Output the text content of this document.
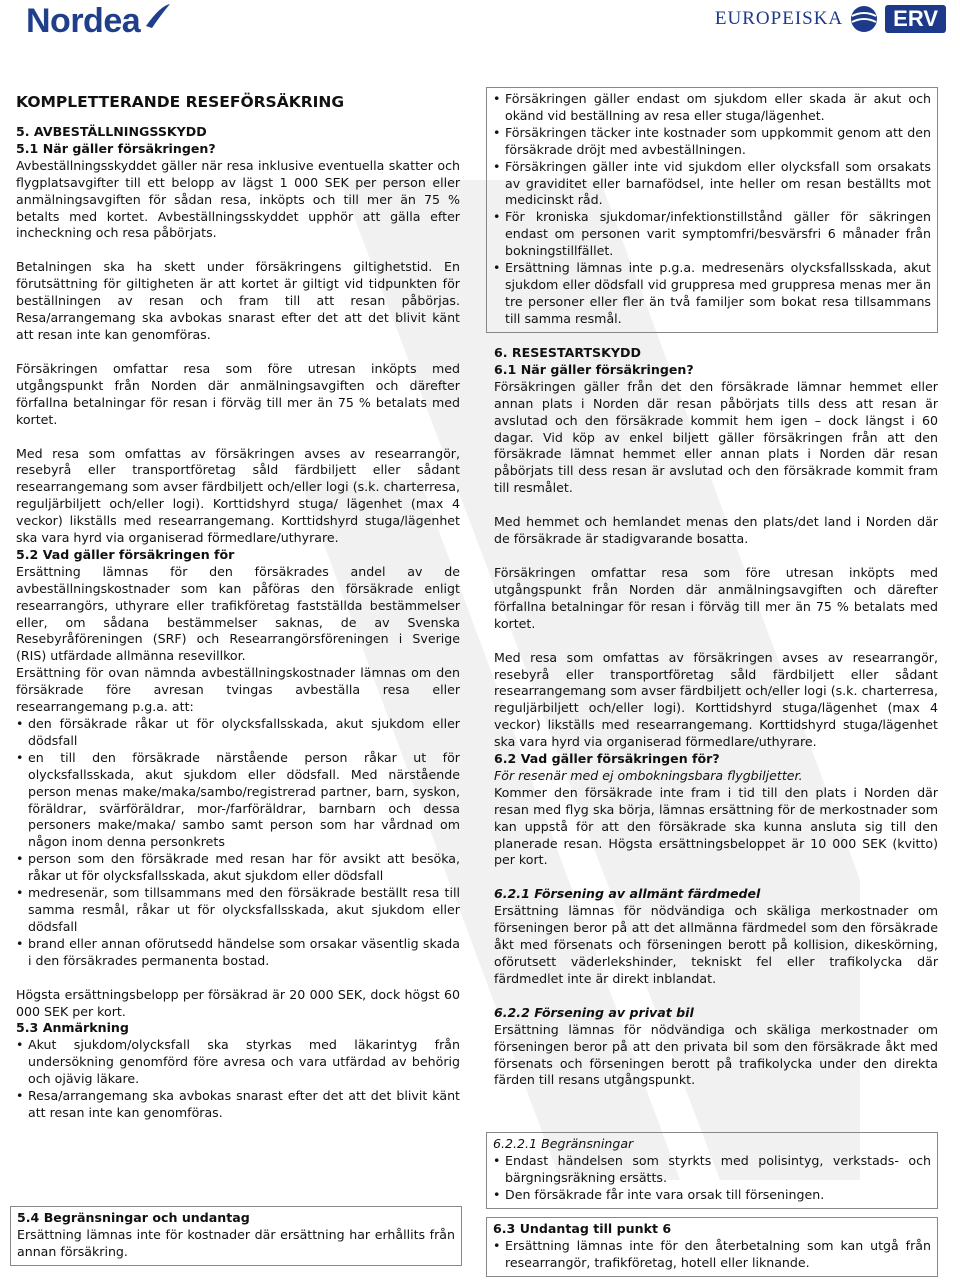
Nordea	EUROPEISKA	ERV
KOMPLETTERANDE RESEFÖRSÄKRING

5. AVBESTÄLLNINGSSKYDD

5.1 När gäller försäkringen?

Avbeställningsskyddet gäller när resa inklusive eventuella skatter och flygplatsavgifter till ett belopp av lägst 1 000 SEK per person eller anmälningsavgiften för sådan resa, inköpts och till mer än 75 % betalts med kortet. Avbeställningsskyddet upphör att gälla efter incheckning och resa påbörjats.

Betalningen ska ha skett under försäkringens giltighetstid. En förutsättning för giltigheten är att kortet är giltigt vid tidpunkten för beställningen av resan och fram till att resan påbörjas. Resa/arrangemang ska avbokas snarast efter det att det blivit känt att resan inte kan genomföras.

Försäkringen omfattar resa som före utresan inköpts med utgångspunkt från Norden där anmälningsavgiften och därefter förfallna betalningar för resan i förväg till mer än 75 % betalats med kortet.

Med resa som omfattas av försäkringen avses av researrangör, resebyrå eller transportföretag såld färdbiljett eller sådant researrangemang som avser färdbiljett och/eller logi (s.k. charterresa, reguljärbiljett och/eller logi). Korttidshyrd stuga/ lägenhet (max 4 veckor) likställs med researrangemang. Korttidshyrd stuga/lägenhet ska vara hyrd via organiserad förmedlare/uthyrare.

5.2 Vad gäller försäkringen för

Ersättning lämnas för den försäkrades andel av de avbeställningskostnader som kan påföras den försäkrade enligt researrangörs, uthyrare eller trafikföretag fastställda bestämmelser eller, om sådana bestämmelser saknas, de av Svenska Resebyråföreningen (SRF) och Researrangörsföreningen i Sverige (RIS) utfärdade allmänna resevillkor.

Ersättning för ovan nämnda avbeställningskostnader lämnas om den försäkrade före avresan tvingas avbeställa resa eller researrangemang p.g.a. att:

• den försäkrade råkar ut för olycksfallsskada, akut sjukdom eller dödsfall
• en till den försäkrade närstående person råkar ut för olycksfallsskada, akut sjukdom eller dödsfall. Med närstående person menas make/maka/sambo/registrerad partner, barn, syskon, föräldrar, svärföräldrar, mor-/farföräldrar, barnbarn och dessa personers make/maka/ sambo samt person som har vårdnad om någon inom denna personkrets
• person som den försäkrade med resan har för avsikt att besöka, råkar ut för olycksfallsskada, akut sjukdom eller dödsfall
• medresenär, som tillsammans med den försäkrade beställt resa till samma resmål, råkar ut för olycksfallsskada, akut sjukdom eller dödsfall
• brand eller annan oförutsedd händelse som orsakar väsentlig skada i den försäkrades permanenta bostad.

Högsta ersättningsbelopp per försäkrad är 20 000 SEK, dock högst 60 000 SEK per kort.

5.3 Anmärkning

• Akut sjukdom/olycksfall ska styrkas med läkarintyg från undersökning genomförd före avresa och vara utfärdad av behörig och ojävig läkare.
• Resa/arrangemang ska avbokas snarast efter det att det blivit känt att resan inte kan genomföras.

5.4 Begränsningar och undantag

Ersättning lämnas inte för kostnader där ersättning har erhållits från annan försäkring.

• Försäkringen gäller endast om sjukdom eller skada är akut och okänd vid beställning av resa eller stuga/lägenhet.
• Försäkringen täcker inte kostnader som uppkommit genom att den försäkrade dröjt med avbeställningen.
• Försäkringen gäller inte vid sjukdom eller olycksfall som orsakats av graviditet eller barnafödsel, inte heller om resan beställts mot medicinskt råd.
• För kroniska sjukdomar/infektionstillstånd gäller för säkringen endast om personen varit symptomfri/besvärsfri 6 månader från bokningstillfället.
• Ersättning lämnas inte p.g.a. medresenärs olycksfallsskada, akut sjukdom eller dödsfall vid gruppresa med gruppresa menas mer än tre personer eller fler än två familjer som bokat resa tillsammans till samma resmål.

6. RESESTARTSKYDD

6.1 När gäller försäkringen?

Försäkringen gäller från det den försäkrade lämnar hemmet eller annan plats i Norden där resan påbörjats tills dess att resan är avslutad och den försäkrade kommit hem igen – dock längst i 60 dagar. Vid köp av enkel biljett gäller försäkringen från att den försäkrade lämnat hemmet eller annan plats i Norden där resan påbörjats till dess resan är avslutad och den försäkrade kommit fram till resmålet.

Med hemmet och hemlandet menas den plats/det land i Norden där de försäkrade är stadigvarande bosatta.

Försäkringen omfattar resa som före utresan inköpts med utgångspunkt från Norden där anmälningsavgiften och därefter förfallna betalningar för resan i förväg till mer än 75 % betalats med kortet.

Med resa som omfattas av försäkringen avses av researrangör, resebyrå eller transportföretag såld färdbiljett eller sådant researrangemang som avser färdbiljett och/eller logi (s.k. charterresa, reguljärbiljett och/eller logi). Korttidshyrd stuga/lägenhet (max 4 veckor) likställs med researrangemang. Korttidshyrd stuga/lägenhet ska vara hyrd via organiserad förmedlare/uthyrare.

6.2 Vad gäller försäkringen för?

För resenär med ej ombokningsbara flygbiljetter.

Kommer den försäkrade inte fram i tid till den plats i Norden där resan med flyg ska börja, lämnas ersättning för de merkostnader som kan uppstå för att den försäkrade ska kunna ansluta sig till den planerade resan. Högsta ersättningsbeloppet är 10 000 SEK (kvitto) per kort.

6.2.1 Försening av allmänt färdmedel

Ersättning lämnas för nödvändiga och skäliga merkostnader om förseningen beror på att det allmänna färdmedel som den försäkrade åkt med försenats och förseningen berott på kollision, dikeskörning, oförutsett väderlekshinder, tekniskt fel eller trafikolycka där färdmedlet inte är direkt inblandat.

6.2.2 Försening av privat bil

Ersättning lämnas för nödvändiga och skäliga merkostnader om förseningen beror på att den privata bil som den försäkrade åkt med försenats och förseningen berott på trafikolycka under den direkta färden till resans utgångspunkt.

6.2.2.1 Begränsningar

• Endast händelsen som styrkts med polisintyg, verkstads- och bärgningsräkning ersätts.
• Den försäkrade får inte vara orsak till förseningen.

6.3 Undantag till punkt 6

• Ersättning lämnas inte för den återbetalning som kan utgå från researrangör, trafikföretag, hotell eller liknande.
